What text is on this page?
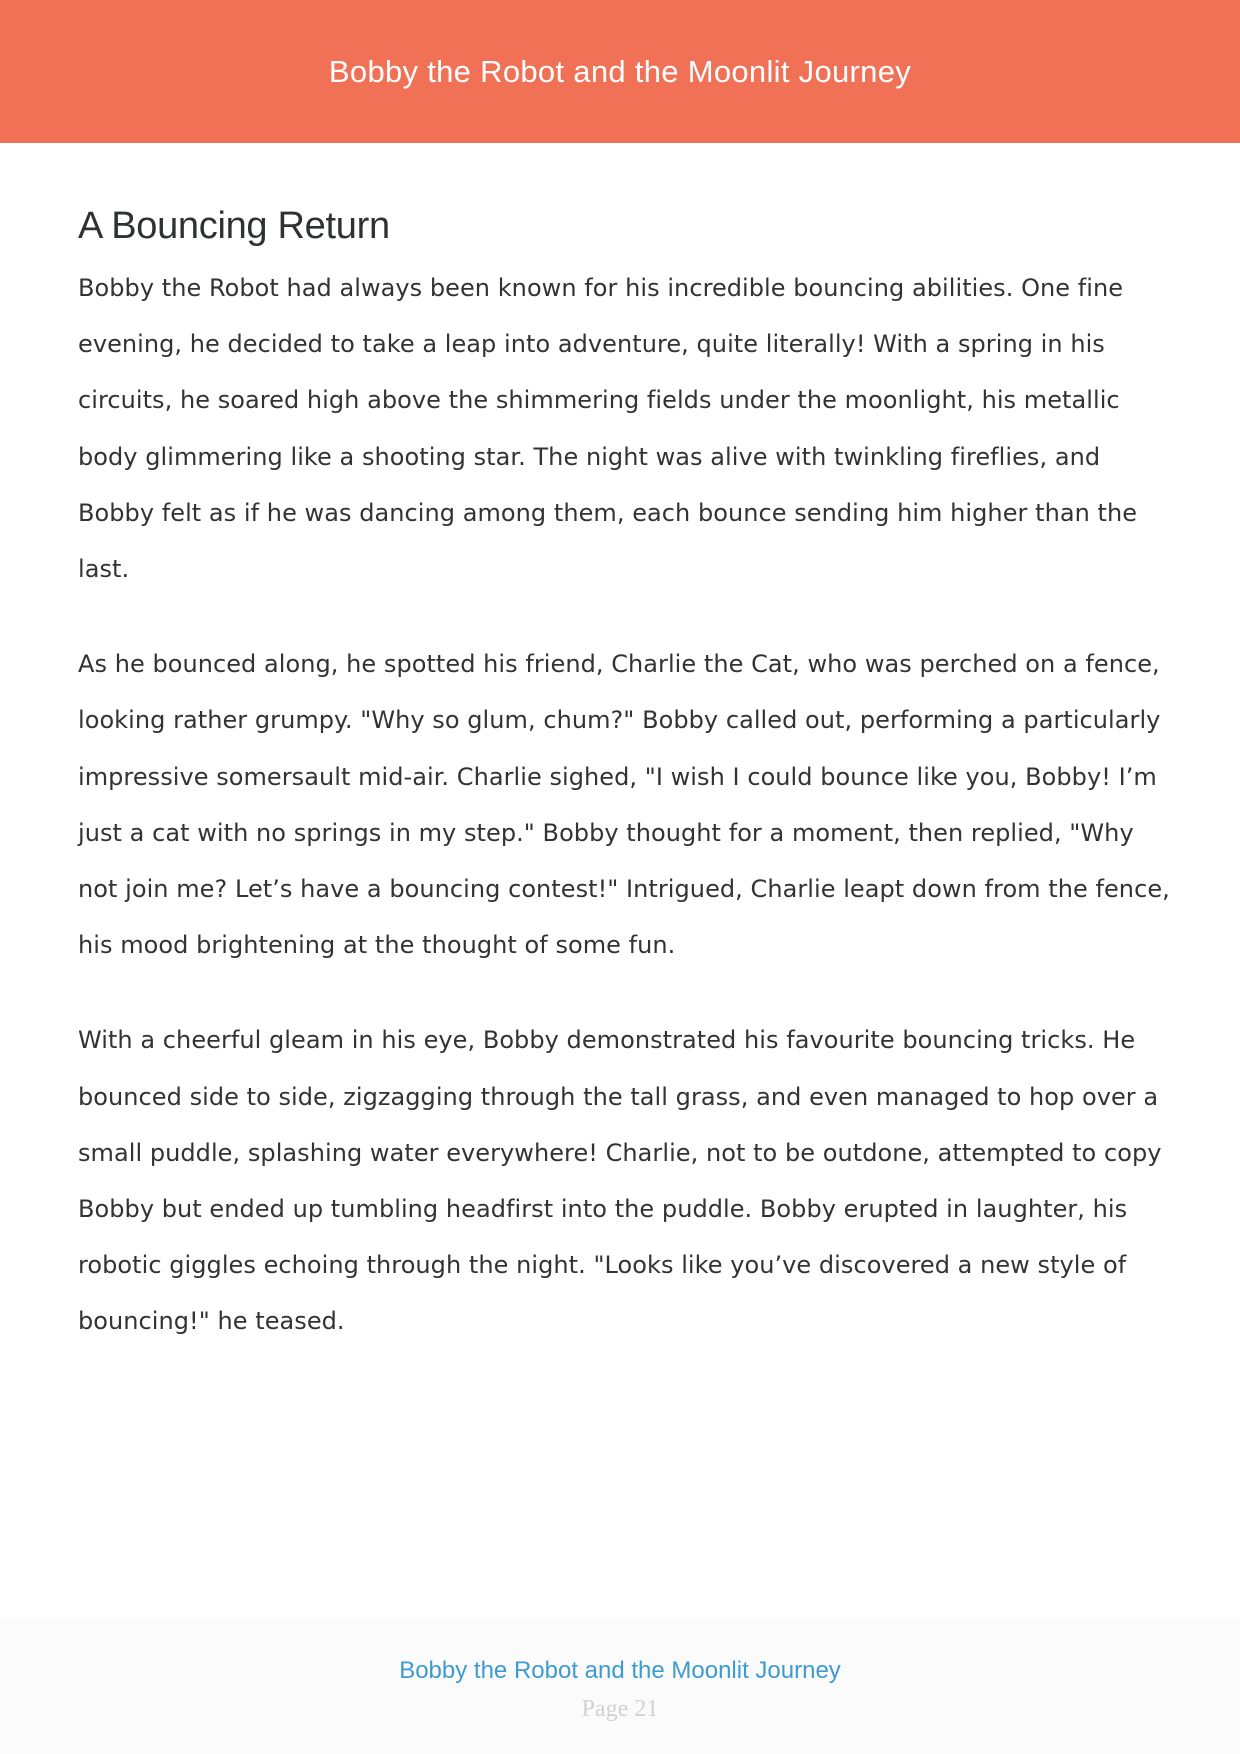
Bobby the Robot and the Moonlit Journey
A Bouncing Return

Bobby the Robot had always been known for his incredible bouncing abilities. One fine evening, he decided to take a leap into adventure, quite literally! With a spring in his circuits, he soared high above the shimmering fields under the moonlight, his metallic body glimmering like a shooting star. The night was alive with twinkling fireflies, and Bobby felt as if he was dancing among them, each bounce sending him higher than the last.

As he bounced along, he spotted his friend, Charlie the Cat, who was perched on a fence, looking rather grumpy. "Why so glum, chum?" Bobby called out, performing a particularly impressive somersault mid-air. Charlie sighed, "I wish I could bounce like you, Bobby! I’m just a cat with no springs in my step." Bobby thought for a moment, then replied, "Why not join me? Let’s have a bouncing contest!" Intrigued, Charlie leapt down from the fence, his mood brightening at the thought of some fun.

With a cheerful gleam in his eye, Bobby demonstrated his favourite bouncing tricks. He bounced side to side, zigzagging through the tall grass, and even managed to hop over a small puddle, splashing water everywhere! Charlie, not to be outdone, attempted to copy Bobby but ended up tumbling headfirst into the puddle. Bobby erupted in laughter, his robotic giggles echoing through the night. "Looks like you’ve discovered a new style of bouncing!" he teased.

Bobby the Robot and the Moonlit Journey
Page 21
